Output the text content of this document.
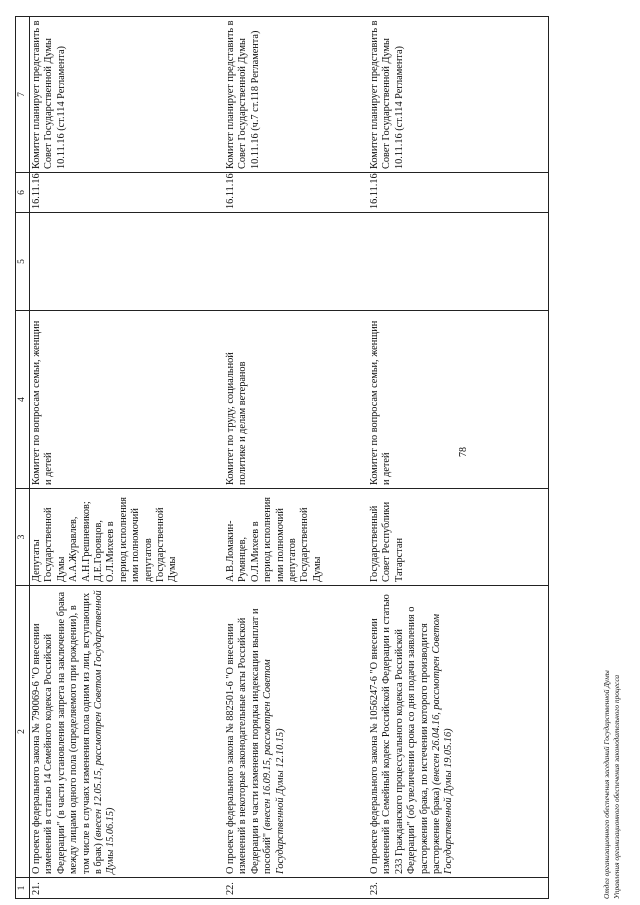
78
1	2	3	4	5	6	7
21.	О проекте федерального закона № 790069-6 "О внесении изменений в статью 14 Семейного кодекса Российской Федерации" (в части установления запрета на заключение брака между лицами одного пола (определяемого при рождении), в том числе в случаях изменения пола одним из лиц, вступающих в брак) (внесен 12.05.15, рассмотрен Советом Государственной Думы 15.06.15)	Депутаты Государственной Думы А.А.Журавлев, А.Н.Грешневиков; Д.Е.Горовцов, О.Л.Михеев в период исполнения ими полномочий депутатов Государственной Думы	Комитет по вопросам семьи, женщин и детей		16.11.16	Комитет планирует представить в Совет Государственной Думы 10.11.16 (ст.114 Регламента)
22.	О проекте федерального закона № 882501-6 "О внесении изменений в некоторые законодательные акты Российской Федерации в части изменения порядка индексации выплат и пособий" (внесен 16.09.15, рассмотрен Советом Государственной Думы 12.10.15)	А.В.Ломакин-Румянцев, О.Л.Михеев в период исполнения ими полномочий депутатов Государственной Думы	Комитет по труду, социальной политике и делам ветеранов		16.11.16	Комитет планирует представить в Совет Государственной Думы 10.11.16 (ч.7 ст.118 Регламента)
23.	О проекте федерального закона № 1056247-6 "О внесении изменений в Семейный кодекс Российской Федерации и статью 233 Гражданского процессуального кодекса Российской Федерации" (об увеличении срока со дня подачи заявления о расторжении брака, по истечении которого производится расторжение брака) (внесен 26.04.16, рассмотрен Советом Государственной Думы 19.05.16)	Государственный Совет Республики Татарстан	Комитет по вопросам семьи, женщин и детей		16.11.16	Комитет планирует представить в Совет Государственной Думы 10.11.16 (ст.114 Регламента)
Отдел организационного обеспечения заседаний Государственной Думы Управления организационного обеспечения законодательного процесса
